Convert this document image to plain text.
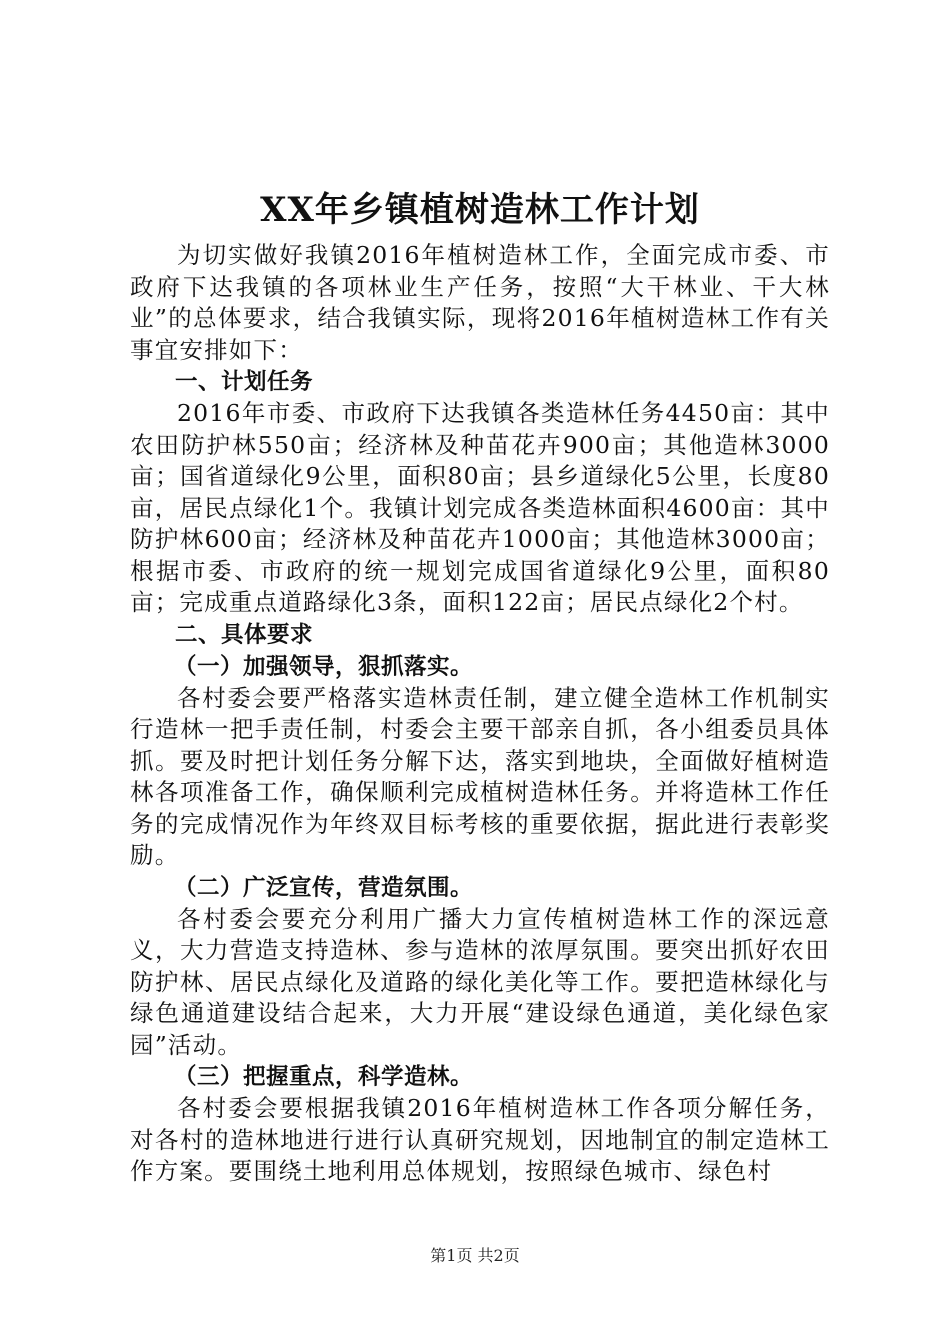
XX年乡镇植树造林工作计划

为切实做好我镇2016年植树造林工作，全面完成市委、市政府下达我镇的各项林业生产任务，按照“大干林业、干大林业”的总体要求，结合我镇实际，现将2016年植树造林工作有关事宜安排如下：

一、计划任务

2016年市委、市政府下达我镇各类造林任务4450亩：其中农田防护林550亩；经济林及种苗花卉900亩；其他造林3000亩；国省道绿化9公里，面积80亩；县乡道绿化5公里，长度80亩，居民点绿化1个。我镇计划完成各类造林面积4600亩：其中防护林600亩；经济林及种苗花卉1000亩；其他造林3000亩；根据市委、市政府的统一规划完成国省道绿化9公里，面积80亩；完成重点道路绿化3条，面积122亩；居民点绿化2个村。

二、具体要求

（一）加强领导，狠抓落实。

各村委会要严格落实造林责任制，建立健全造林工作机制实行造林一把手责任制，村委会主要干部亲自抓，各小组委员具体抓。要及时把计划任务分解下达，落实到地块，全面做好植树造林各项准备工作，确保顺利完成植树造林任务。并将造林工作任务的完成情况作为年终双目标考核的重要依据，据此进行表彰奖励。

（二）广泛宣传，营造氛围。

各村委会要充分利用广播大力宣传植树造林工作的深远意义，大力营造支持造林、参与造林的浓厚氛围。要突出抓好农田防护林、居民点绿化及道路的绿化美化等工作。要把造林绿化与绿色通道建设结合起来，大力开展“建设绿色通道，美化绿色家园”活动。

（三）把握重点，科学造林。

各村委会要根据我镇2016年植树造林工作各项分解任务，对各村的造林地进行进行认真研究规划，因地制宜的制定造林工作方案。要围绕土地利用总体规划，按照绿色城市、绿色村

第1页 共2页
